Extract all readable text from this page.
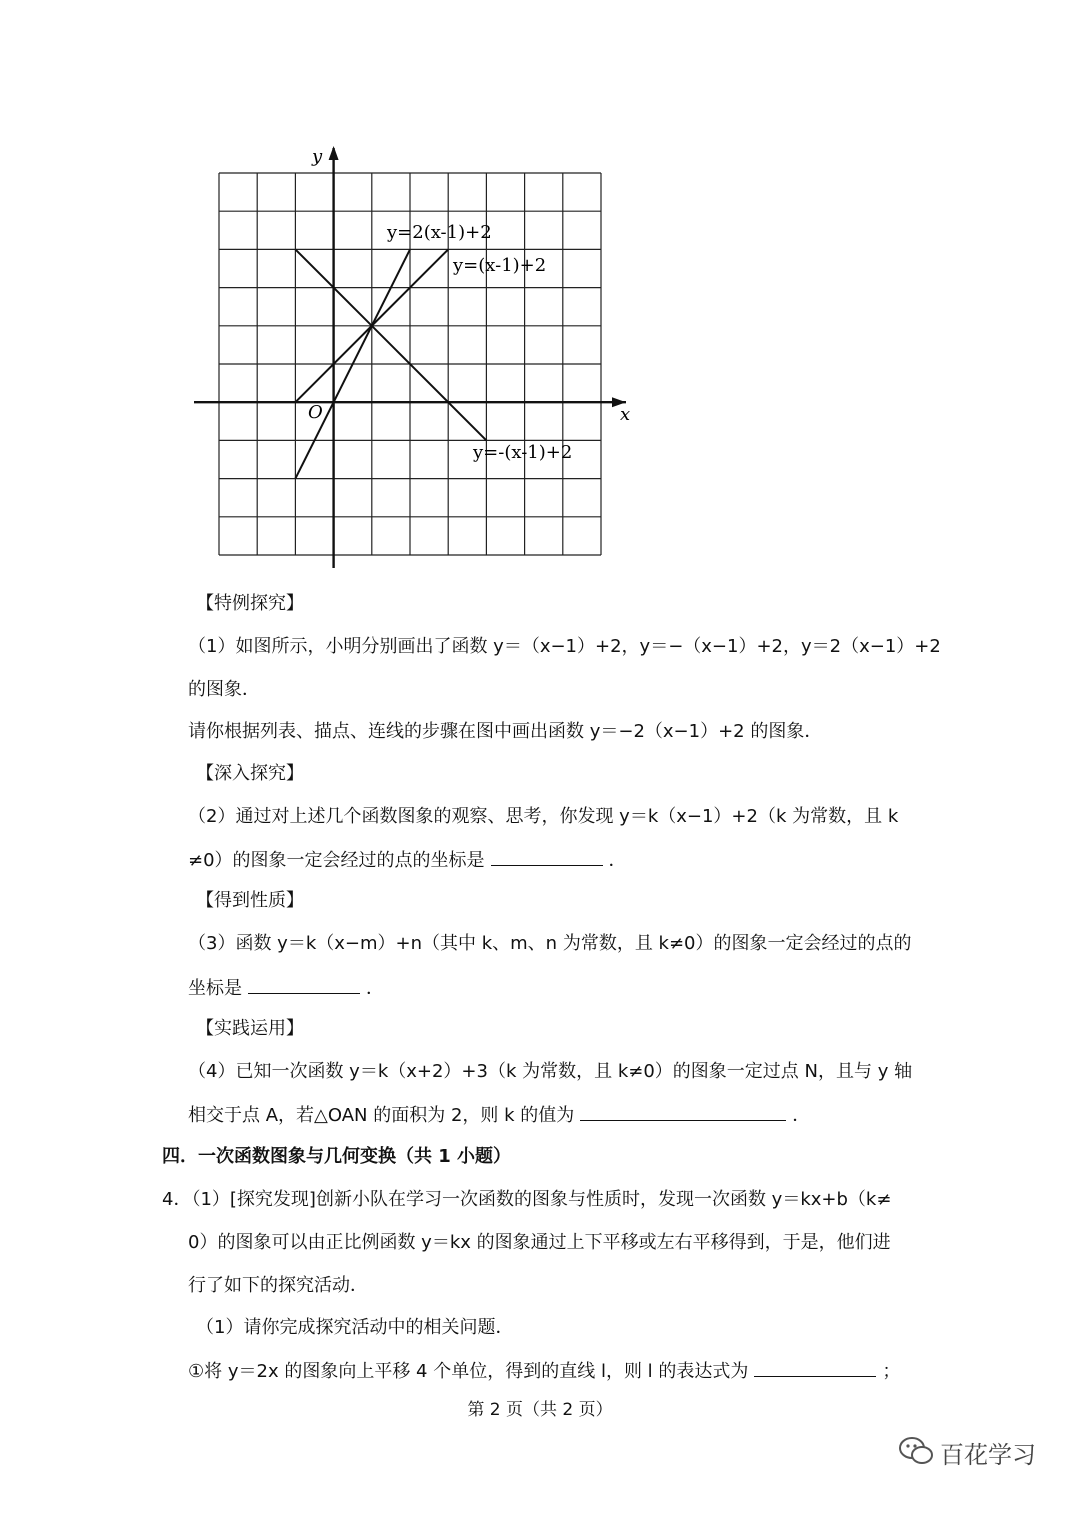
y
x
O
y=2(x-1)+2
y=(x-1)+2
y=-(x-1)+2
【特例探究】
（1）如图所示，小明分别画出了函数 y＝（x−1）+2，y＝−（x−1）+2，y＝2（x−1）+2
的图象．
请你根据列表、描点、连线的步骤在图中画出函数 y＝−2（x−1）+2 的图象．
【深入探究】
（2）通过对上述几个函数图象的观察、思考，你发现 y＝k（x−1）+2（k 为常数，且 k
≠0）的图象一定会经过的点的坐标是	．
【得到性质】
（3）函数 y＝k（x−m）+n（其中 k、m、n 为常数，且 k≠0）的图象一定会经过的点的
坐标是	．
【实践运用】
（4）已知一次函数 y＝k（x+2）+3（k 为常数，且 k≠0）的图象一定过点 N，且与 y 轴
相交于点 A，若△OAN 的面积为 2，则 k 的值为	．
四．一次函数图象与几何变换（共 1 小题）
4．（1）[探究发现]创新小队在学习一次函数的图象与性质时，发现一次函数 y＝kx+b（k≠
0）的图象可以由正比例函数 y＝kx 的图象通过上下平移或左右平移得到，于是，他们进
行了如下的探究活动．
（1）请你完成探究活动中的相关问题．
①将 y＝2x 的图象向上平移 4 个单位，得到的直线 l，则 l 的表达式为	；
第 2 页（共 2 页）
百花学习
